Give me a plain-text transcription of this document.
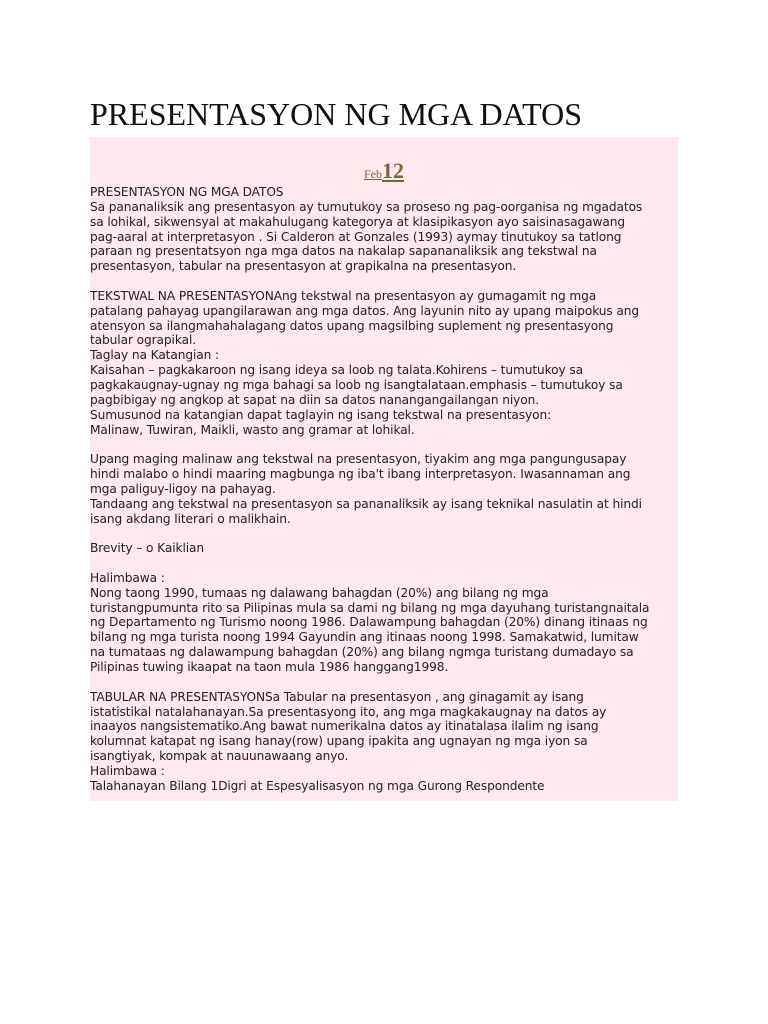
PRESENTASYON NG MGA DATOS
Feb12
PRESENTASYON NG MGA DATOS
Sa pananaliksik ang presentasyon ay tumutukoy sa proseso ng pag-oorganisa ng mgadatos
sa lohikal, sikwensyal at makahulugang kategorya at klasipikasyon ayo saisinasagawang
pag-aaral at interpretasyon . Si Calderon at Gonzales (1993) aymay tinutukoy sa tatlong
paraan ng presentatsyon nga mga datos na nakalap sapananaliksik ang tekstwal na
presentasyon, tabular na presentasyon at grapikalna na presentasyon.
TEKSTWAL NA PRESENTASYONAng tekstwal na presentasyon ay gumagamit ng mga
patalang pahayag upangilarawan ang mga datos. Ang layunin nito ay upang maipokus ang
atensyon sa ilangmahahalagang datos upang magsilbing suplement ng presentasyong
tabular ograpikal.
Taglay na Katangian :
Kaisahan – pagkakaroon ng isang ideya sa loob ng talata.Kohirens – tumutukoy sa
pagkakaugnay-ugnay ng mga bahagi sa loob ng isangtalataan.emphasis – tumutukoy sa
pagbibigay ng angkop at sapat na diin sa datos nanangangailangan niyon.
Sumusunod na katangian dapat taglayin ng isang tekstwal na presentasyon:
Malinaw, Tuwiran, Maikli, wasto ang gramar at lohikal.
Upang maging malinaw ang tekstwal na presentasyon, tiyakim ang mga pangungusapay
hindi malabo o hindi maaring magbunga ng iba't ibang interpretasyon. Iwasannaman ang
mga paliguy-ligoy na pahayag.
Tandaang ang tekstwal na presentasyon sa pananaliksik ay isang teknikal nasulatin at hindi
isang akdang literari o malikhain.
Brevity – o Kaiklian
Halimbawa :
Nong taong 1990, tumaas ng dalawang bahagdan (20%) ang bilang ng mga
turistangpumunta rito sa Pilipinas mula sa dami ng bilang ng mga dayuhang turistangnaitala
ng Departamento ng Turismo noong 1986. Dalawampung bahagdan (20%) dinang itinaas ng
bilang ng mga turista noong 1994 Gayundin ang itinaas noong 1998. Samakatwid, lumitaw
na tumataas ng dalawampung bahagdan (20%) ang bilang ngmga turistang dumadayo sa
Pilipinas tuwing ikaapat na taon mula 1986 hanggang1998.
TABULAR NA PRESENTASYONSa Tabular na presentasyon , ang ginagamit ay isang
istatistikal natalahanayan.Sa presentasyong ito, ang mga magkakaugnay na datos ay
inaayos nangsistematiko.Ang bawat numerikalna datos ay itinatalasa ilalim ng isang
kolumnat katapat ng isang hanay(row) upang ipakita ang ugnayan ng mga iyon sa
isangtiyak, kompak at nauunawaang anyo.
Halimbawa :
Talahanayan Bilang 1Digri at Espesyalisasyon ng mga Gurong Respondente
